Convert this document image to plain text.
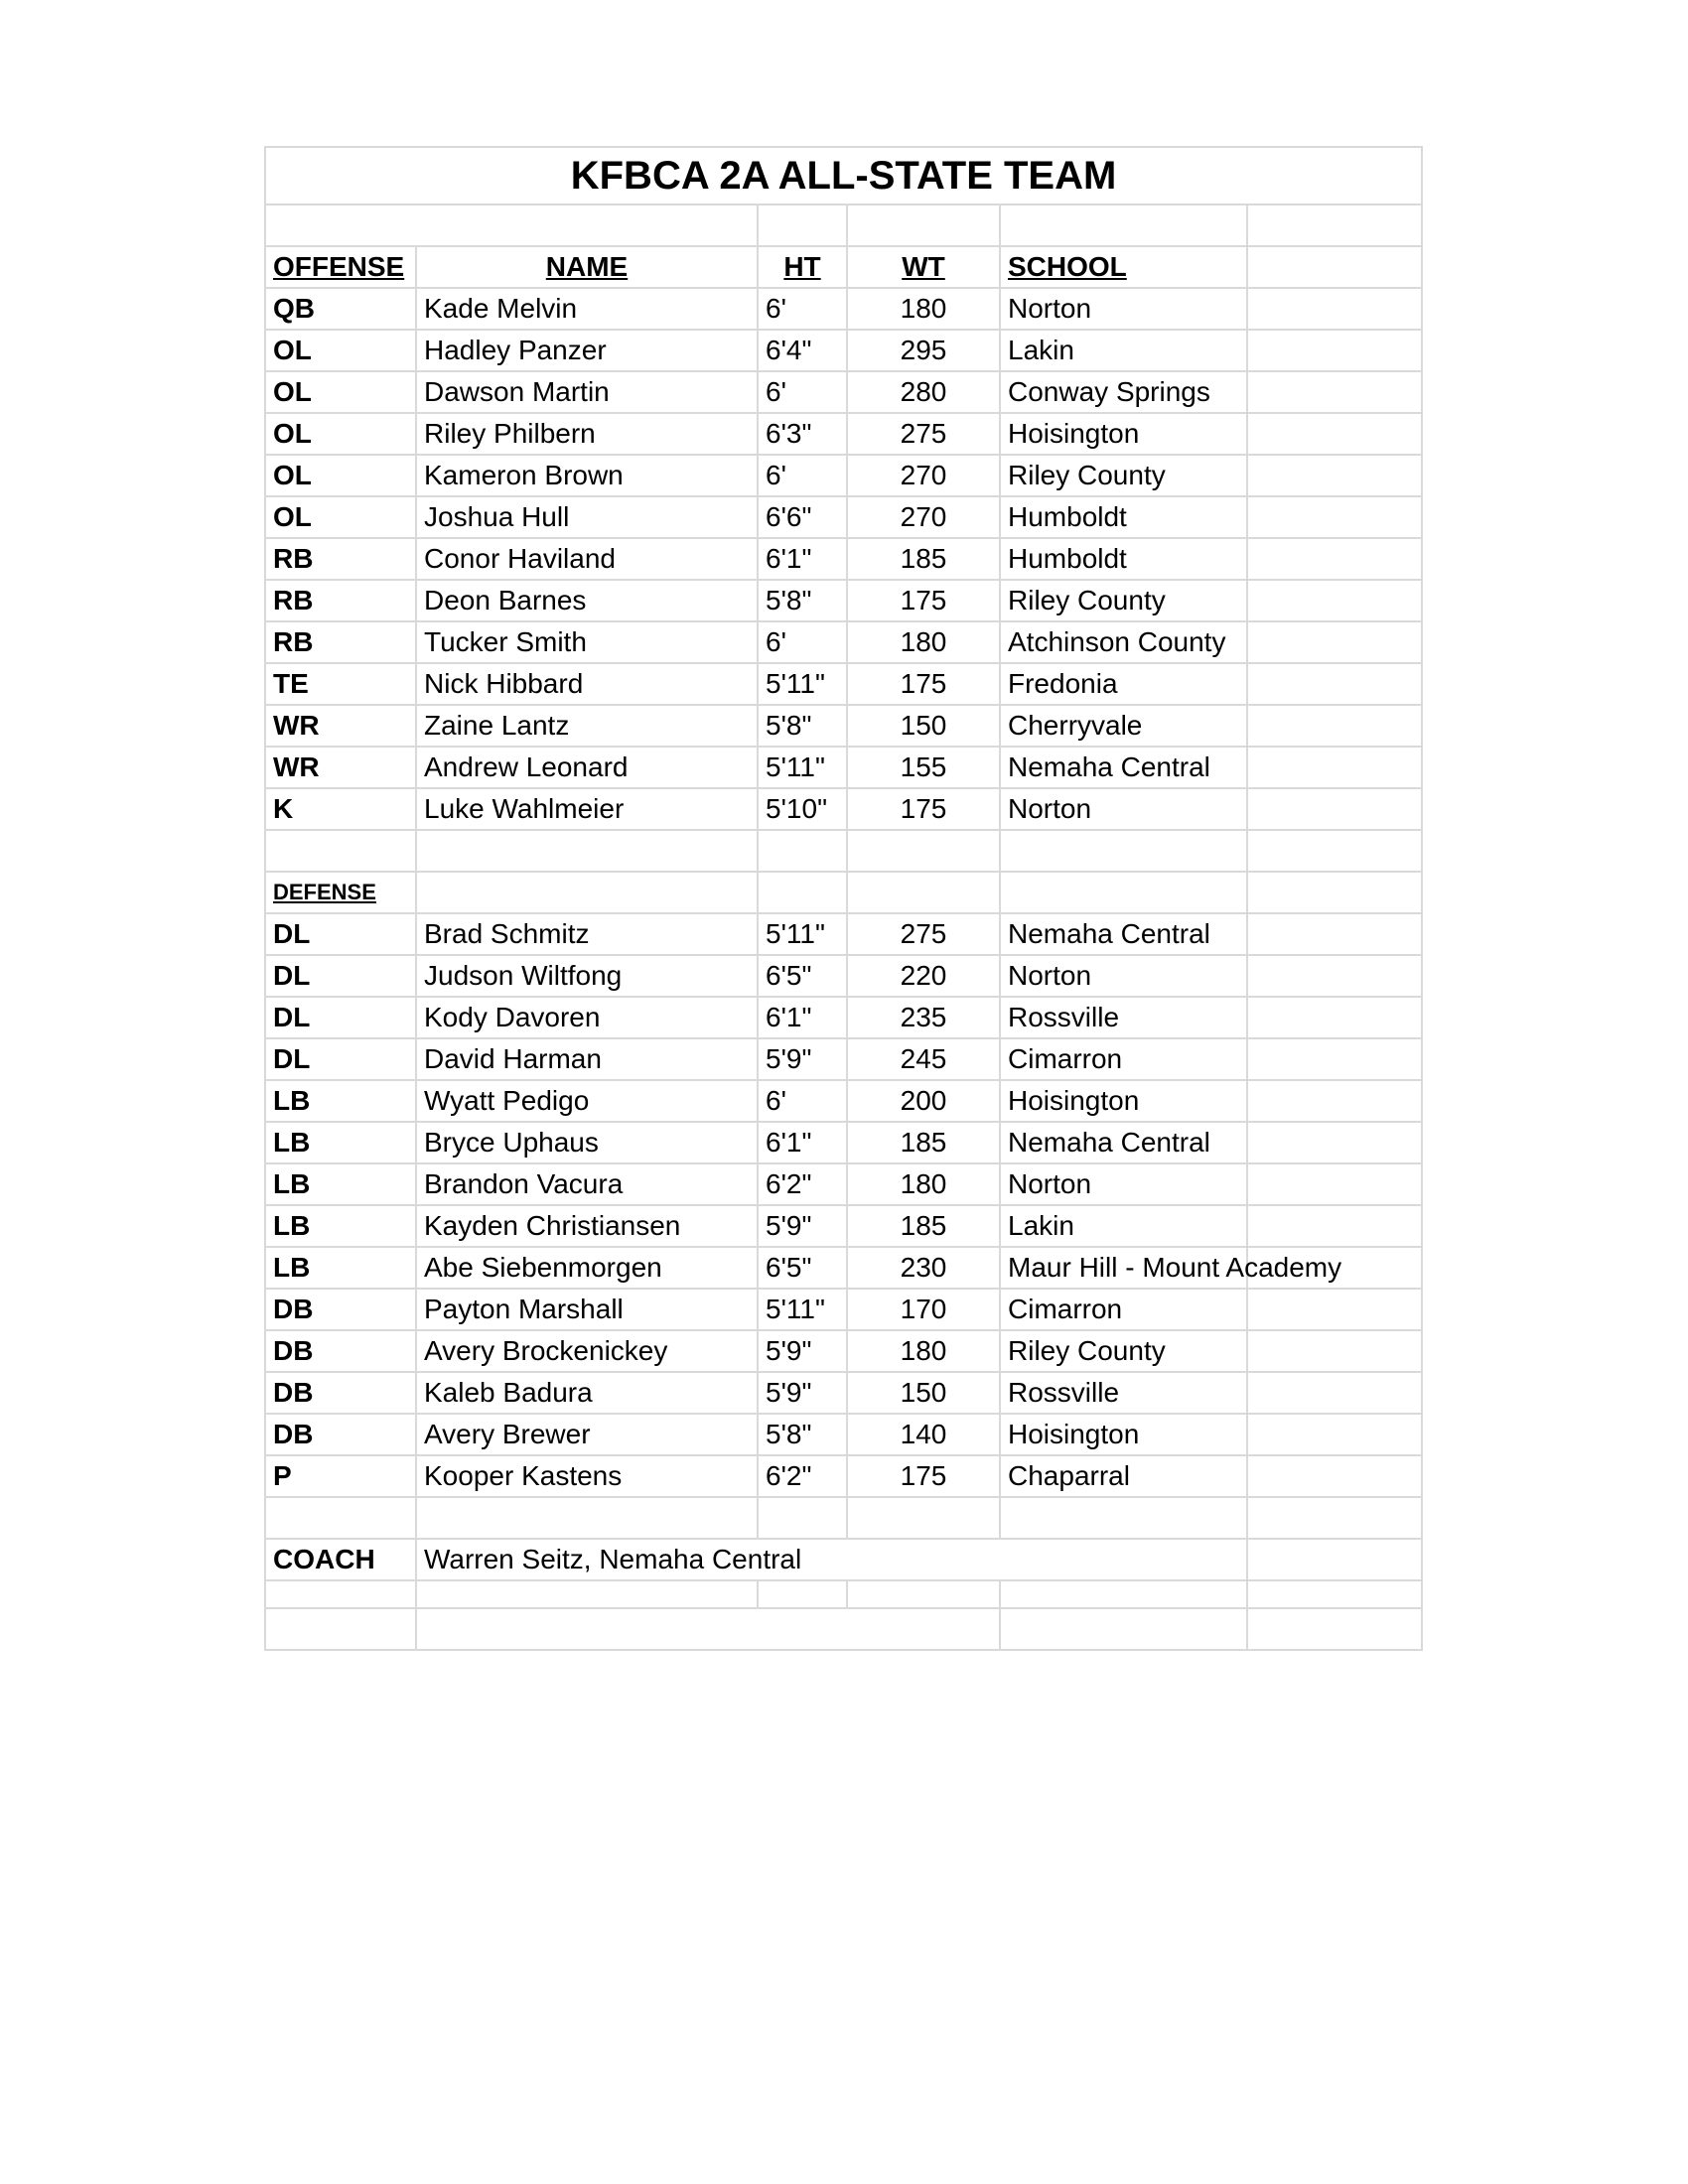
KFBCA 2A ALL-STATE TEAM					

OFFENSE	NAME	HT	WT	SCHOOL	
QB	Kade Melvin	6'	180	Norton	
OL	Hadley Panzer	6'4"	295	Lakin	
OL	Dawson Martin	6'	280	Conway Springs	
OL	Riley Philbern	6'3"	275	Hoisington	
OL	Kameron Brown	6'	270	Riley County	
OL	Joshua Hull	6'6"	270	Humboldt	
RB	Conor Haviland	6'1"	185	Humboldt	
RB	Deon Barnes	5'8"	175	Riley County	
RB	Tucker Smith	6'	180	Atchinson County	
TE	Nick Hibbard	5'11"	175	Fredonia	
WR	Zaine Lantz	5'8"	150	Cherryvale	
WR	Andrew Leonard	5'11"	155	Nemaha Central	
K	Luke Wahlmeier	5'10"	175	Norton	

DEFENSE					
DL	Brad Schmitz	5'11"	275	Nemaha Central	
DL	Judson Wiltfong	6'5"	220	Norton	
DL	Kody Davoren	6'1"	235	Rossville	
DL	David Harman	5'9"	245	Cimarron	
LB	Wyatt Pedigo	6'	200	Hoisington	
LB	Bryce Uphaus	6'1"	185	Nemaha Central	
LB	Brandon Vacura	6'2"	180	Norton	
LB	Kayden Christiansen	5'9"	185	Lakin	
LB	Abe Siebenmorgen	6'5"	230	Maur Hill - Mount Academy	
DB	Payton Marshall	5'11"	170	Cimarron	
DB	Avery Brockenickey	5'9"	180	Riley County	
DB	Kaleb Badura	5'9"	150	Rossville	
DB	Avery Brewer	5'8"	140	Hoisington	
P	Kooper Kastens	6'2"	175	Chaparral	

COACH	Warren Seitz, Nemaha Central				
